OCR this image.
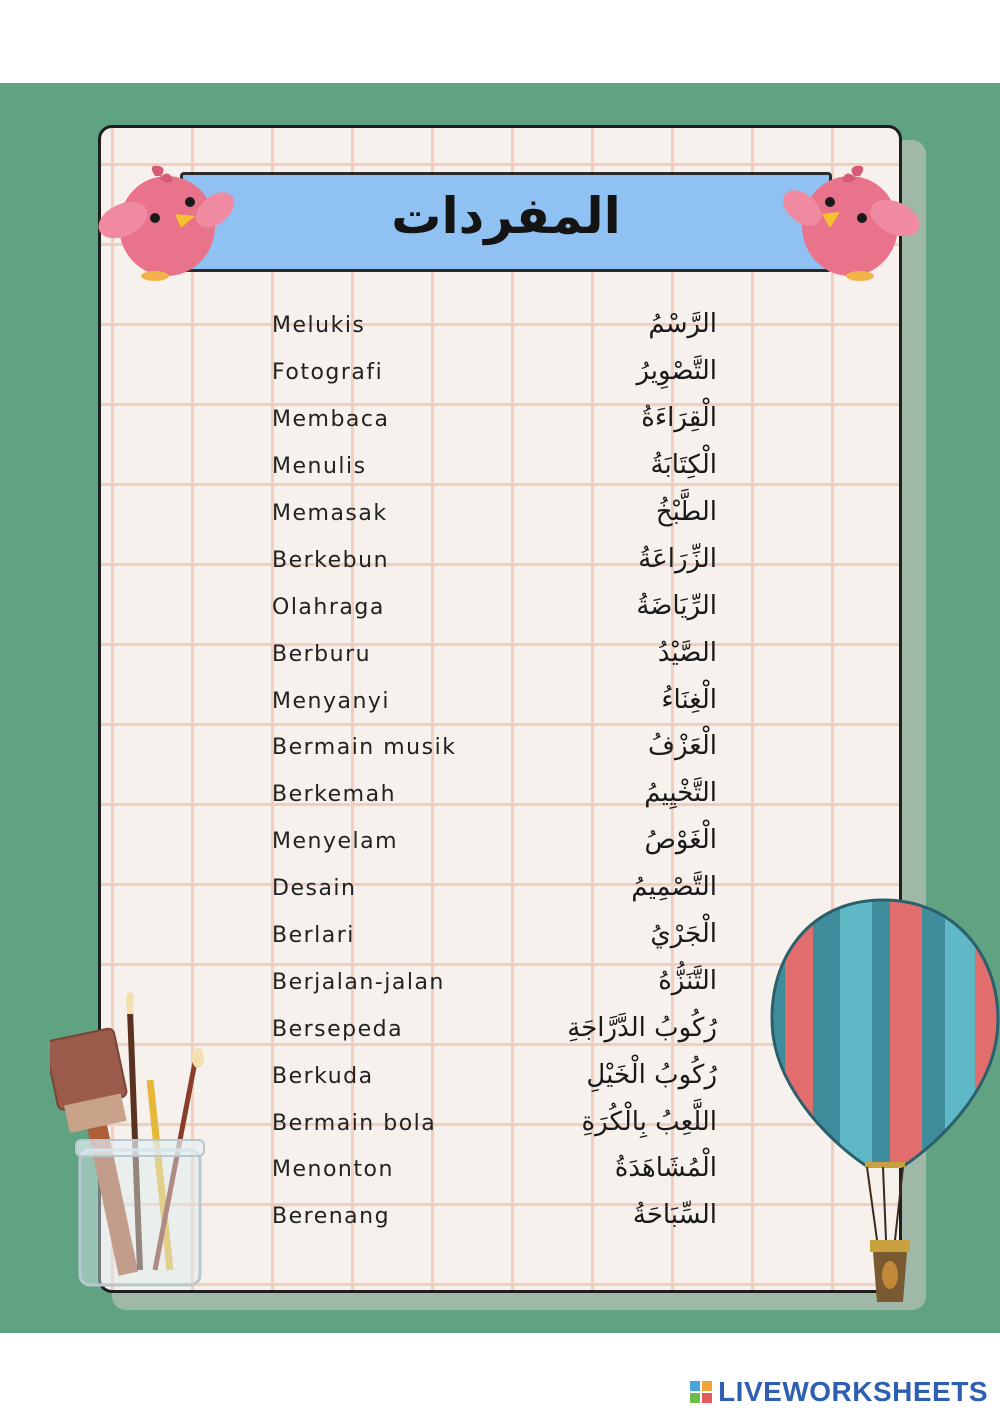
المفردات
Melukis	الرَّسْمُ
Fotografi	التَّصْوِيرُ
Membaca	الْقِرَاءَةُ
Menulis	الْكِتَابَةُ
Memasak	الطَّبْخُ
Berkebun	الزِّرَاعَةُ
Olahraga	الرِّيَاضَةُ
Berburu	الصَّيْدُ
Menyanyi	الْغِنَاءُ
Bermain musik	الْعَزْفُ
Berkemah	التَّخْيِيمُ
Menyelam	الْغَوْصُ
Desain	التَّصْمِيمُ
Berlari	الْجَرْيُ
Berjalan-jalan	التَّنَزُّهُ
Bersepeda	رُكُوبُ الدَّرَّاجَةِ
Berkuda	رُكُوبُ الْخَيْلِ
Bermain bola	اللَّعِبُ بِالْكُرَةِ
Menonton	الْمُشَاهَدَةُ
Berenang	السِّبَاحَةُ
LIVEWORKSHEETS
